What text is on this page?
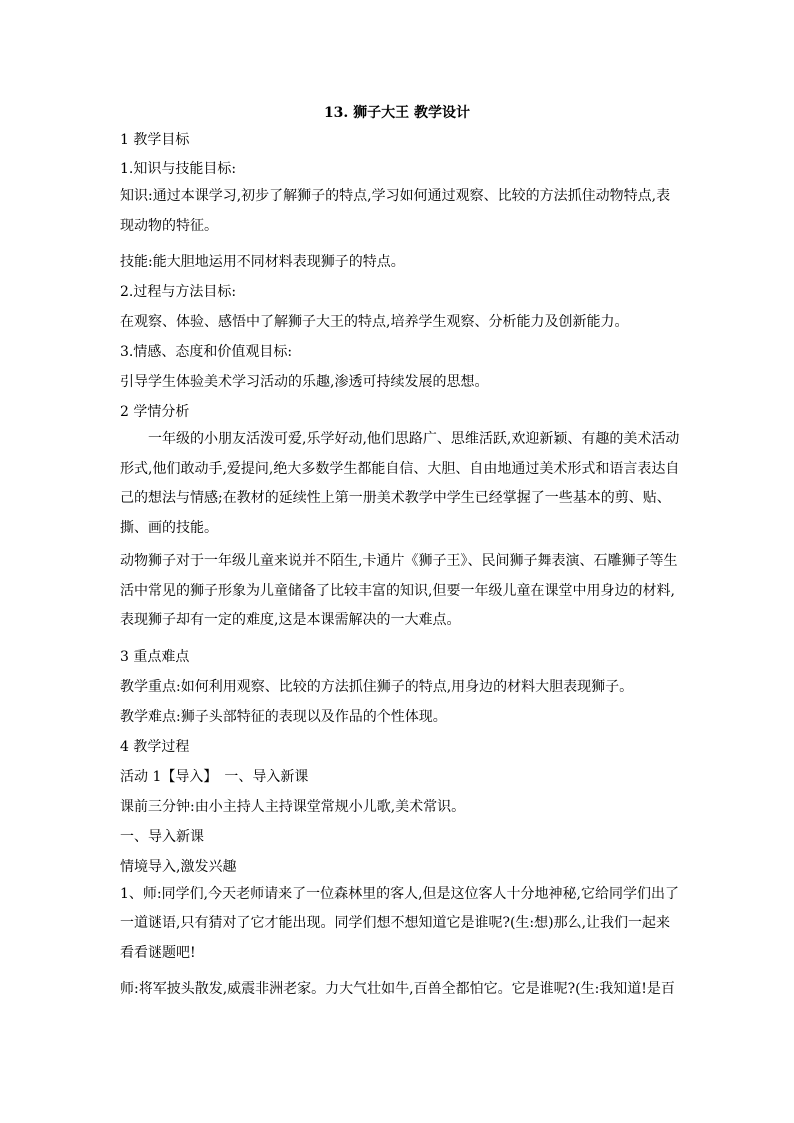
13. 狮子大王 教学设计

1 教学目标

1.知识与技能目标:

知识:通过本课学习,初步了解狮子的特点,学习如何通过观察、比较的方法抓住动物特点,表现动物的特征。

技能:能大胆地运用不同材料表现狮子的特点。

2.过程与方法目标:

在观察、体验、感悟中了解狮子大王的特点,培养学生观察、分析能力及创新能力。

3.情感、态度和价值观目标:

引导学生体验美术学习活动的乐趣,渗透可持续发展的思想。

2 学情分析

一年级的小朋友活泼可爱,乐学好动,他们思路广、思维活跃,欢迎新颖、有趣的美术活动形式,他们敢动手,爱提问,绝大多数学生都能自信、大胆、自由地通过美术形式和语言表达自己的想法与情感;在教材的延续性上第一册美术教学中学生已经掌握了一些基本的剪、贴、撕、画的技能。

动物狮子对于一年级儿童来说并不陌生,卡通片《狮子王》、民间狮子舞表演、石雕狮子等生活中常见的狮子形象为儿童储备了比较丰富的知识,但要一年级儿童在课堂中用身边的材料,表现狮子却有一定的难度,这是本课需解决的一大难点。

3 重点难点

教学重点:如何利用观察、比较的方法抓住狮子的特点,用身边的材料大胆表现狮子。

教学难点:狮子头部特征的表现以及作品的个性体现。

4 教学过程

活动 1【导入】　一、导入新课

课前三分钟:由小主持人主持课堂常规小儿歌,美术常识。

一、导入新课

情境导入,激发兴趣

1、师:同学们,今天老师请来了一位森林里的客人,但是这位客人十分地神秘,它给同学们出了一道谜语,只有猜对了它才能出现。同学们想不想知道它是谁呢?(生:想)那么,让我们一起来看看谜题吧!

师:将军披头散发,威震非洲老家。力大气壮如牛,百兽全都怕它。它是谁呢?(生:我知道!是百
